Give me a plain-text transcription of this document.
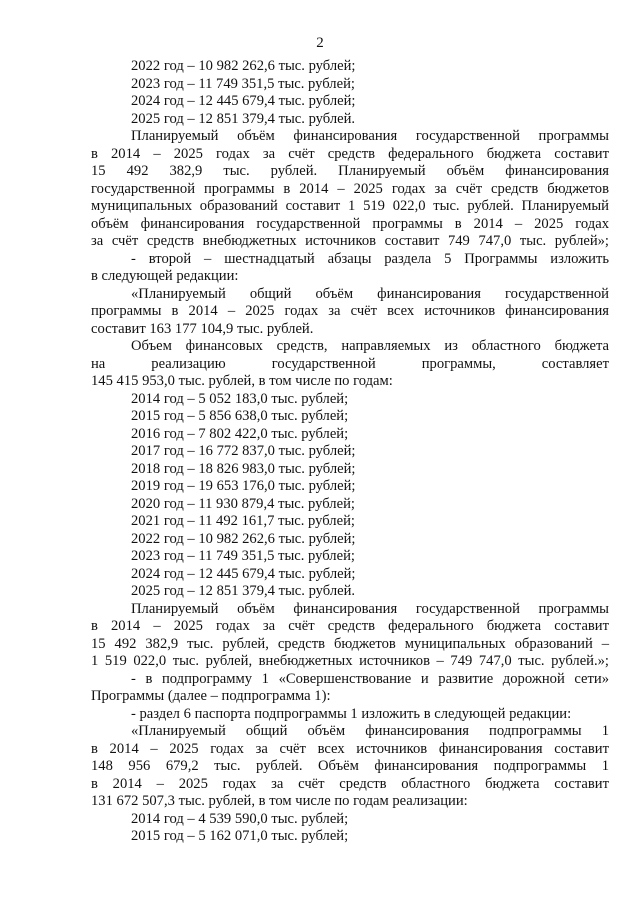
2
2022 год – 10 982 262,6 тыс. рублей;
2023 год – 11 749 351,5 тыс. рублей;
2024 год – 12 445 679,4 тыс. рублей;
2025 год – 12 851 379,4 тыс. рублей.
Планируемый объём финансирования государственной программы
в 2014 – 2025 годах за счёт средств федерального бюджета составит
15 492 382,9 тыс. рублей. Планируемый объём финансирования
государственной программы в 2014 – 2025 годах за счёт средств бюджетов
муниципальных образований составит 1 519 022,0 тыс. рублей. Планируемый
объём финансирования государственной программы в 2014 – 2025 годах
за счёт средств внебюджетных источников составит 749 747,0 тыс. рублей»;
- второй – шестнадцатый абзацы раздела 5 Программы изложить
в следующей редакции:
«Планируемый общий объём финансирования государственной
программы в 2014 – 2025 годах за счёт всех источников финансирования
составит 163 177 104,9 тыс. рублей.
Объем финансовых средств, направляемых из областного бюджета
на реализацию государственной программы, составляет
145 415 953,0 тыс. рублей, в том числе по годам:
2014 год – 5 052 183,0 тыс. рублей;
2015 год – 5 856 638,0 тыс. рублей;
2016 год – 7 802 422,0 тыс. рублей;
2017 год – 16 772 837,0 тыс. рублей;
2018 год – 18 826 983,0 тыс. рублей;
2019 год – 19 653 176,0 тыс. рублей;
2020 год – 11 930 879,4 тыс. рублей;
2021 год – 11 492 161,7 тыс. рублей;
2022 год – 10 982 262,6 тыс. рублей;
2023 год – 11 749 351,5 тыс. рублей;
2024 год – 12 445 679,4 тыс. рублей;
2025 год – 12 851 379,4 тыс. рублей.
Планируемый объём финансирования государственной программы
в 2014 – 2025 годах за счёт средств федерального бюджета составит
15 492 382,9 тыс. рублей, средств бюджетов муниципальных образований –
1 519 022,0 тыс. рублей, внебюджетных источников – 749 747,0 тыс. рублей.»;
- в подпрограмму 1 «Совершенствование и развитие дорожной сети»
Программы (далее – подпрограмма 1):
- раздел 6 паспорта подпрограммы 1 изложить в следующей редакции:
«Планируемый общий объём финансирования подпрограммы 1
в 2014 – 2025 годах за счёт всех источников финансирования составит
148 956 679,2 тыс. рублей. Объём финансирования подпрограммы 1
в 2014 – 2025 годах за счёт средств областного бюджета составит
131 672 507,3 тыс. рублей, в том числе по годам реализации:
2014 год – 4 539 590,0 тыс. рублей;
2015 год – 5 162 071,0 тыс. рублей;
